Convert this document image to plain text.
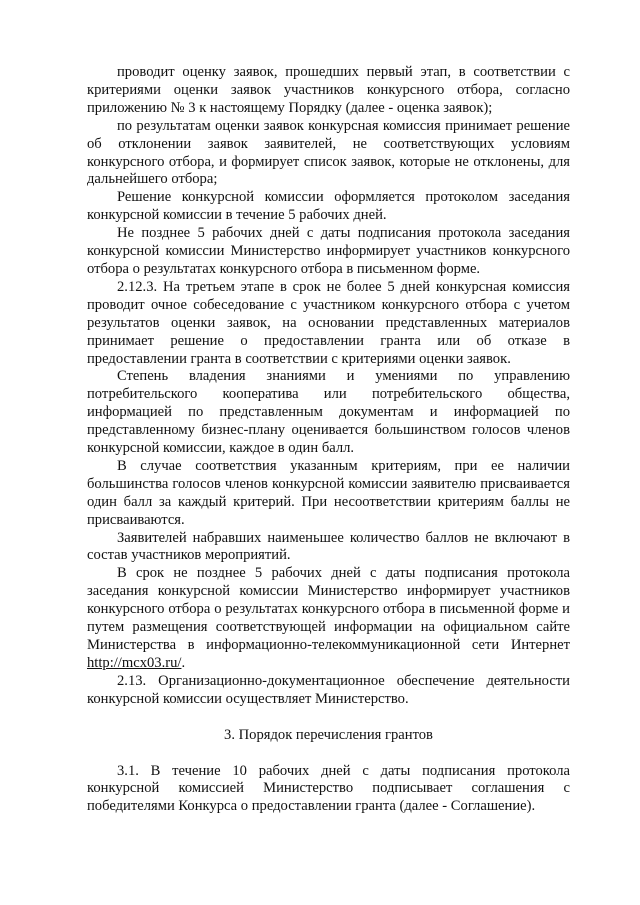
проводит оценку заявок, прошедших первый этап, в соответствии с критериями оценки заявок участников конкурсного отбора, согласно приложению № 3 к настоящему Порядку (далее - оценка заявок);

по результатам оценки заявок конкурсная комиссия принимает решение об отклонении заявок заявителей, не соответствующих условиям конкурсного отбора, и формирует список заявок, которые не отклонены, для дальнейшего отбора;

Решение конкурсной комиссии оформляется протоколом заседания конкурсной комиссии в течение 5 рабочих дней.

Не позднее 5 рабочих дней с даты подписания протокола заседания конкурсной комиссии Министерство информирует участников конкурсного отбора о результатах конкурсного отбора в письменном форме.

2.12.3. На третьем этапе в срок не более 5 дней конкурсная комиссия проводит очное собеседование с участником конкурсного отбора с учетом результатов оценки заявок, на основании представленных материалов принимает решение о предоставлении гранта или об отказе в предоставлении гранта в соответствии с критериями оценки заявок.

Степень владения знаниями и умениями по управлению потребительского кооператива или потребительского общества, информацией по представленным документам и информацией по представленному бизнес-плану оценивается большинством голосов членов конкурсной комиссии, каждое в один балл.

В случае соответствия указанным критериям, при ее наличии большинства голосов членов конкурсной комиссии заявителю присваивается один балл за каждый критерий. При несоответствии критериям баллы не присваиваются.

Заявителей набравших наименьшее количество баллов не включают в состав участников мероприятий.

В срок не позднее 5 рабочих дней с даты подписания протокола заседания конкурсной комиссии Министерство информирует участников конкурсного отбора о результатах конкурсного отбора в письменной форме и путем размещения соответствующей информации на официальном сайте Министерства в информационно-телекоммуникационной сети Интернет http://mcx03.ru/.

2.13. Организационно-документационное обеспечение деятельности конкурсной комиссии осуществляет Министерство.

3. Порядок перечисления грантов

3.1. В течение 10 рабочих дней с даты подписания протокола конкурсной комиссией Министерство подписывает соглашения с победителями Конкурса о предоставлении гранта (далее - Соглашение).
